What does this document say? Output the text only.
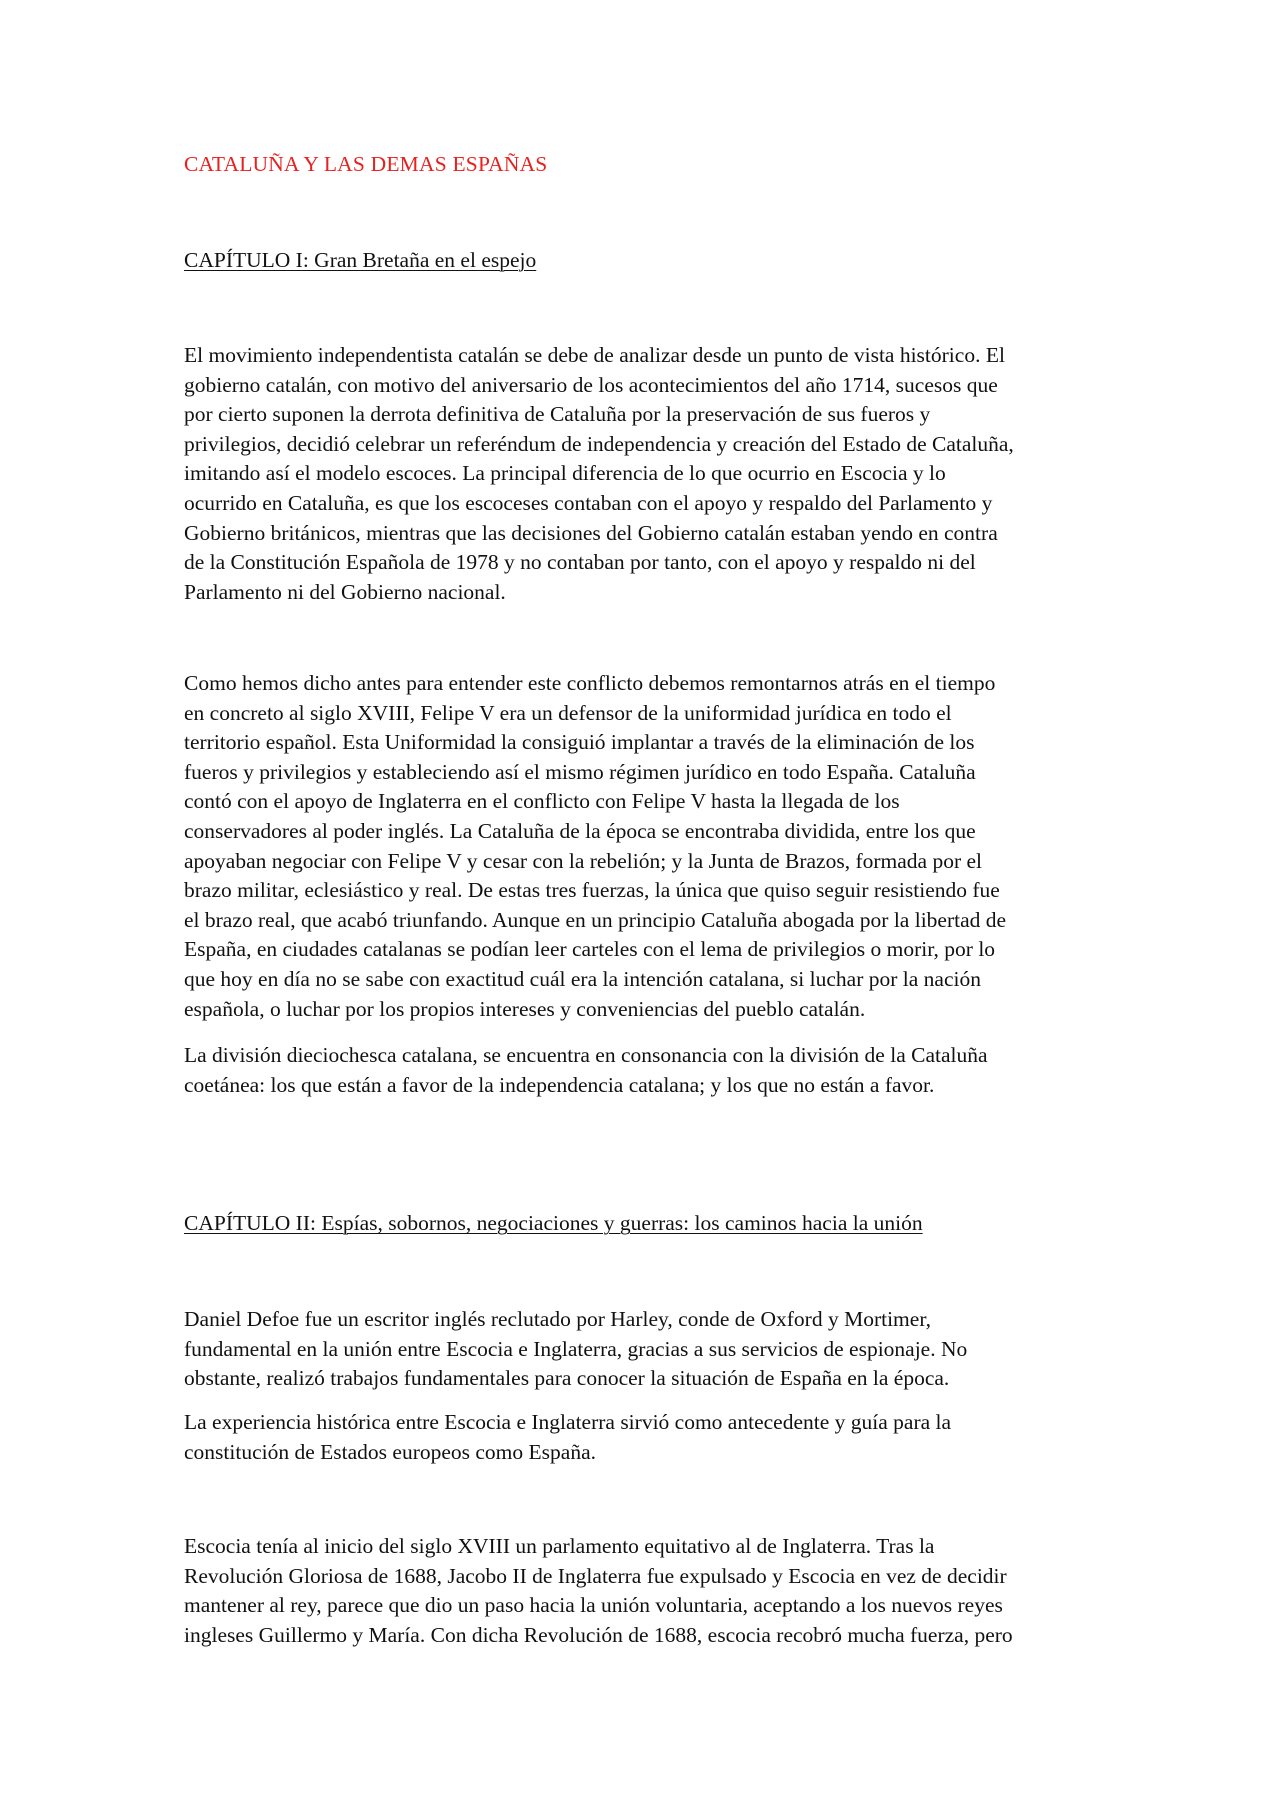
CATALUÑA Y LAS DEMAS ESPAÑAS
CAPÍTULO I: Gran Bretaña en el espejo

El movimiento independentista catalán se debe de analizar desde un punto de vista histórico. El
gobierno catalán, con motivo del aniversario de los acontecimientos del año 1714, sucesos que
por cierto suponen la derrota definitiva de Cataluña por la preservación de sus fueros y
privilegios, decidió celebrar un referéndum de independencia y creación del Estado de Cataluña,
imitando así el modelo escoces. La principal diferencia de lo que ocurrio en Escocia y lo
ocurrido en Cataluña, es que los escoceses contaban con el apoyo y respaldo del Parlamento y
Gobierno británicos, mientras que las decisiones del Gobierno catalán estaban yendo en contra
de la Constitución Española de 1978 y no contaban por tanto, con el apoyo y respaldo ni del
Parlamento ni del Gobierno nacional.

Como hemos dicho antes para entender este conflicto debemos remontarnos atrás en el tiempo
en concreto al siglo XVIII, Felipe V era un defensor de la uniformidad jurídica en todo el
territorio español. Esta Uniformidad la consiguió implantar a través de la eliminación de los
fueros y privilegios y estableciendo así el mismo régimen jurídico en todo España. Cataluña
contó con el apoyo de Inglaterra en el conflicto con Felipe V hasta la llegada de los
conservadores al poder inglés. La Cataluña de la época se encontraba dividida, entre los que
apoyaban negociar con Felipe V y cesar con la rebelión; y la Junta de Brazos, formada por el
brazo militar, eclesiástico y real. De estas tres fuerzas, la única que quiso seguir resistiendo fue
el brazo real, que acabó triunfando. Aunque en un principio Cataluña abogada por la libertad de
España, en ciudades catalanas se podían leer carteles con el lema de privilegios o morir, por lo
que hoy en día no se sabe con exactitud cuál era la intención catalana, si luchar por la nación
española, o luchar por los propios intereses y conveniencias del pueblo catalán.

La división dieciochesca catalana, se encuentra en consonancia con la división de la Cataluña
coetánea: los que están a favor de la independencia catalana; y los que no están a favor.

CAPÍTULO II: Espías, sobornos, negociaciones y guerras: los caminos hacia la unión

Daniel Defoe fue un escritor inglés reclutado por Harley, conde de Oxford y Mortimer,
fundamental en la unión entre Escocia e Inglaterra, gracias a sus servicios de espionaje. No
obstante, realizó trabajos fundamentales para conocer la situación de España en la época.

La experiencia histórica entre Escocia e Inglaterra sirvió como antecedente y guía para la
constitución de Estados europeos como España.

Escocia tenía al inicio del siglo XVIII un parlamento equitativo al de Inglaterra. Tras la
Revolución Gloriosa de 1688, Jacobo II de Inglaterra fue expulsado y Escocia en vez de decidir
mantener al rey, parece que dio un paso hacia la unión voluntaria, aceptando a los nuevos reyes
ingleses Guillermo y María. Con dicha Revolución de 1688, escocia recobró mucha fuerza, pero
